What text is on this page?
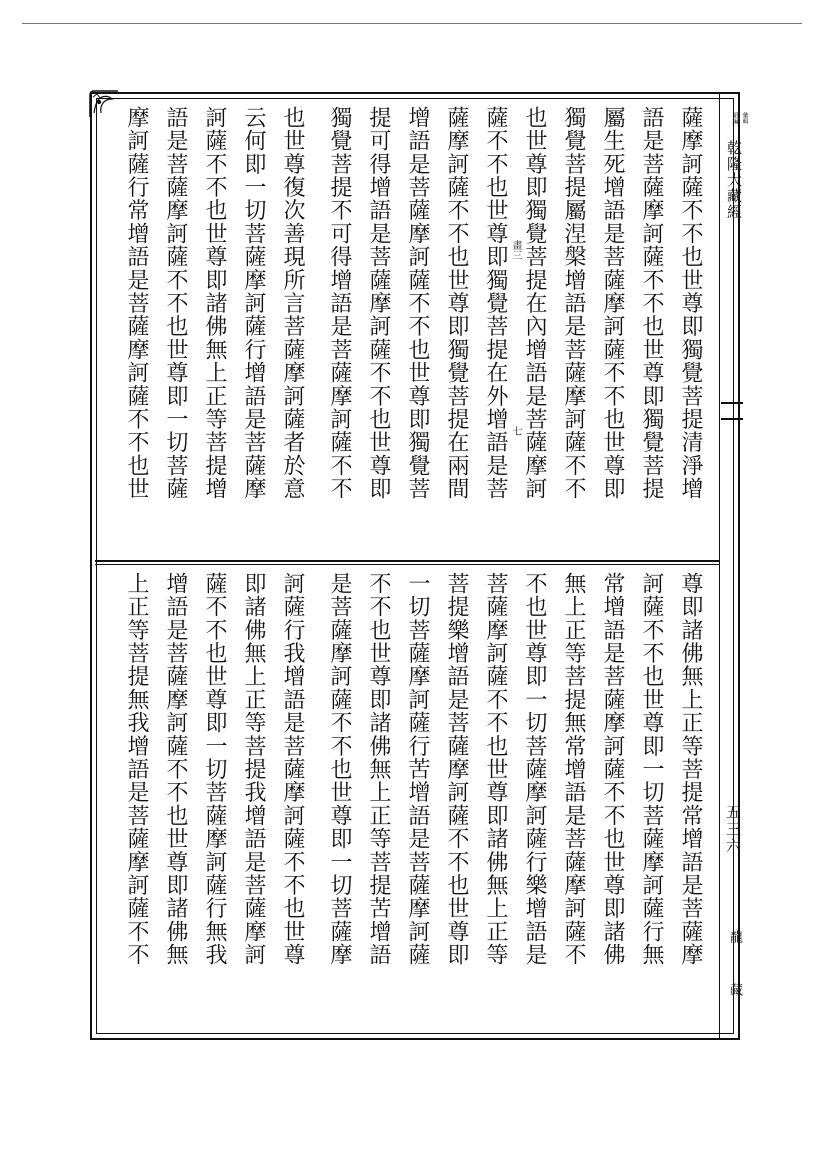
新編 彙輯
乾隆大藏經
五三六
龍藏
薩摩訶薩不不也世尊即獨覺菩提清淨增
語是菩薩摩訶薩不不也世尊即獨覺菩提
屬生死增語是菩薩摩訶薩不不也世尊即
獨覺菩提屬涅槃增語是菩薩摩訶薩不不
也世尊即獨覺菩提在內增語是菩薩摩訶
薩不不也世尊即獨覺菩提在外增語是菩
薩摩訶薩不不也世尊即獨覺菩提在兩間
增語是菩薩摩訶薩不不也世尊即獨覺菩
提可得增語是菩薩摩訶薩不不也世尊即
獨覺菩提不可得增語是菩薩摩訶薩不不
也世尊復次善現所言菩薩摩訶薩者於意
云何即一切菩薩摩訶薩行增語是菩薩摩
訶薩不不也世尊即諸佛無上正等菩提增
語是菩薩摩訶薩不不也世尊即一切菩薩
摩訶薩行常增語是菩薩摩訶薩不不也世	畫三
七
尊即諸佛無上正等菩提常增語是菩薩摩
訶薩不不也世尊即一切菩薩摩訶薩行無
常增語是菩薩摩訶薩不不也世尊即諸佛
無上正等菩提無常增語是菩薩摩訶薩不
不也世尊即一切菩薩摩訶薩行樂增語是
菩薩摩訶薩不不也世尊即諸佛無上正等
菩提樂增語是菩薩摩訶薩不不也世尊即
一切菩薩摩訶薩行苦增語是菩薩摩訶薩
不不也世尊即諸佛無上正等菩提苦增語
是菩薩摩訶薩不不也世尊即一切菩薩摩
訶薩行我增語是菩薩摩訶薩不不也世尊
即諸佛無上正等菩提我增語是菩薩摩訶
薩不不也世尊即一切菩薩摩訶薩行無我
增語是菩薩摩訶薩不不也世尊即諸佛無
上正等菩提無我增語是菩薩摩訶薩不不
